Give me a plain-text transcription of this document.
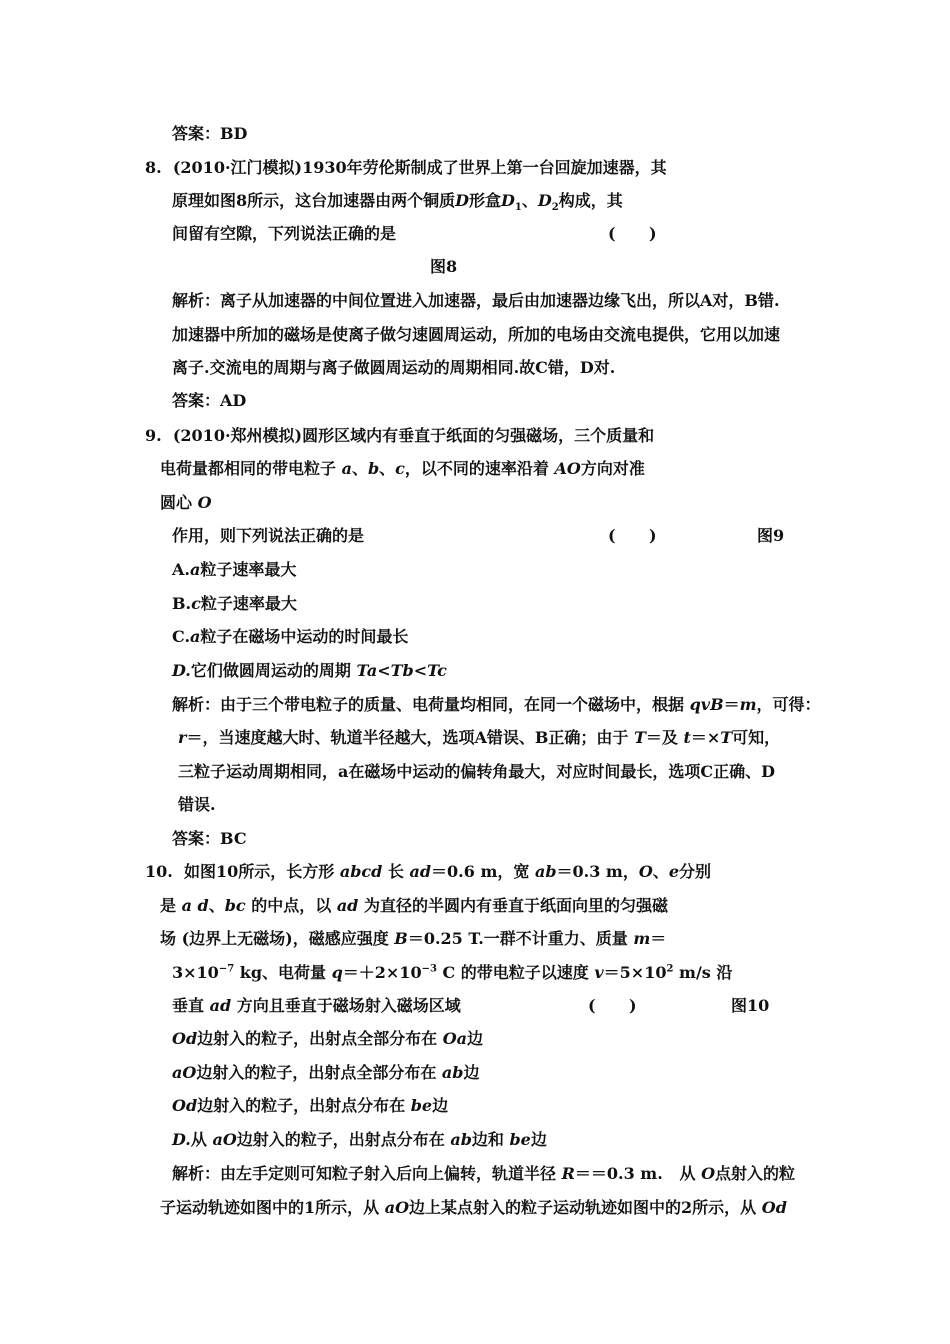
答案：BD
8.  (2010·江门模拟)1930年劳伦斯制成了世界上第一台回旋加速器，其
原理如图8所示，这台加速器由两个铜质D形盒$D_1$、$D_2$构成，其
间留有空隙，下列说法正确的是	(      )
图8
解析：离子从加速器的中间位置进入加速器，最后由加速器边缘飞出，所以A对，B错.
加速器中所加的磁场是使离子做匀速圆周运动，所加的电场由交流电提供，它用以加速
离子.交流电的周期与离子做圆周运动的周期相同.故C错，D对.
答案：AD
9.  (2010·郑州模拟)圆形区域内有垂直于纸面的匀强磁场，三个质量和
电荷量都相同的带电粒子 a、b、c，以不同的速率沿着 AO方向对准
圆心 O
作用，则下列说法正确的是	(      )	图9
A.a粒子速率最大
B.c粒子速率最大
C.a粒子在磁场中运动的时间最长
D.它们做圆周运动的周期 Ta<Tb<Tc
解析：由于三个带电粒子的质量、电荷量均相同，在同一个磁场中，根据 qvB＝m，可得：
r＝，当速度越大时、轨道半径越大，选项A错误、B正确；由于 T＝及 t＝×T可知，
三粒子运动周期相同，a在磁场中运动的偏转角最大，对应时间最长，选项C正确、D
错误.
答案：BC
10.  如图10所示，长方形 abcd 长 ad＝0.6 m，宽 ab＝0.3 m，O、e分别
是 a d、bc 的中点，以 ad 为直径的半圆内有垂直于纸面向里的匀强磁
场 (边界上无磁场)，磁感应强度 B＝0.25 T.一群不计重力、质量 m＝
$3\times 10^{-7}$ kg、电荷量 $q=+2\times 10^{-3}$ C 的带电粒子以速度 $v=5\times 10^2$ m/s 沿
垂直 ad 方向且垂直于磁场射入磁场区域	(      )	图10
Od边射入的粒子，出射点全部分布在 Oa边
aO边射入的粒子，出射点全部分布在 ab边
Od边射入的粒子，出射点分布在 be边
D.从 aO边射入的粒子，出射点分布在 ab边和 be边
解析：由左手定则可知粒子射入后向上偏转，轨道半径 R＝＝0.3 m.   从 O点射入的粒
子运动轨迹如图中的1所示，从 aO边上某点射入的粒子运动轨迹如图中的2所示，从 Od
